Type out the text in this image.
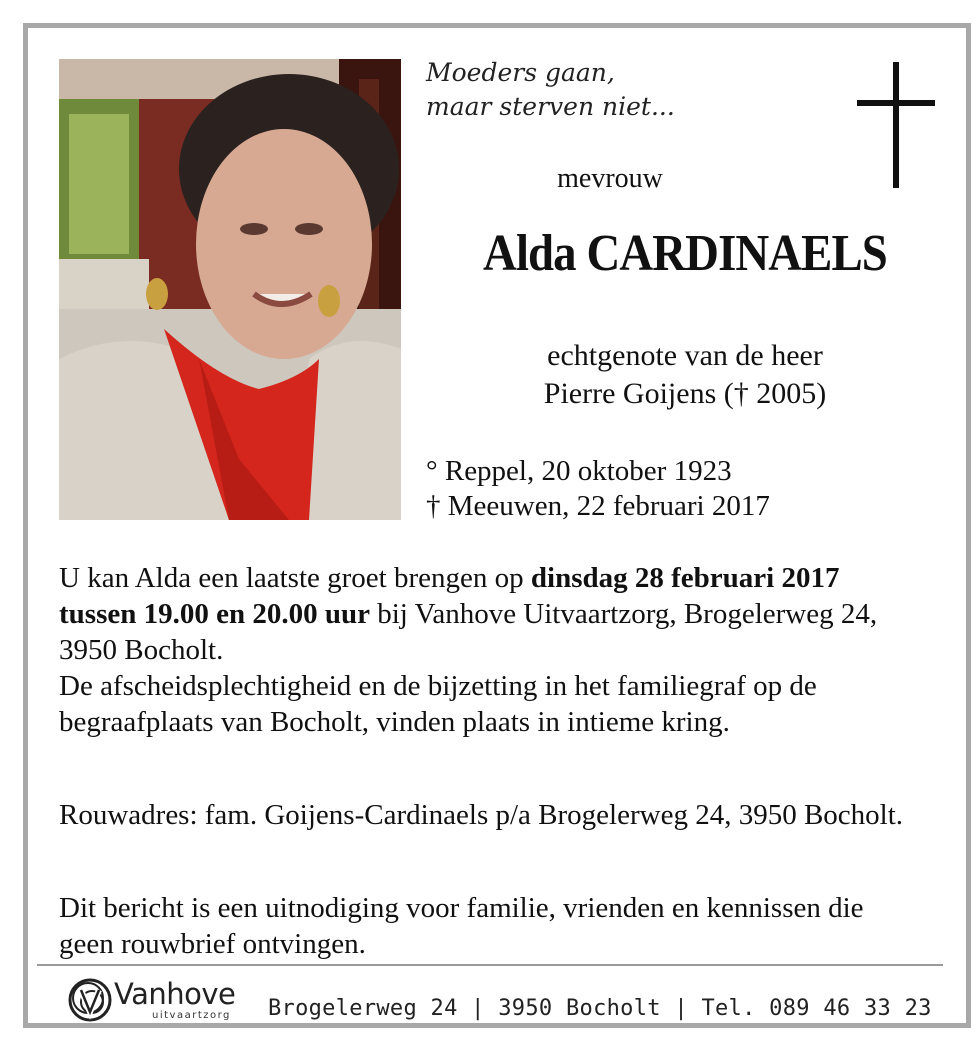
Moeders gaan,
maar sterven niet...
mevrouw
Alda CARDINAELS
echtgenote van de heer
Pierre Goijens († 2005)
° Reppel, 20 oktober 1923
† Meeuwen, 22 februari 2017
U kan Alda een laatste groet brengen op dinsdag 28 februari 2017 tussen 19.00 en 20.00 uur bij Vanhove Uitvaartzorg, Brogelerweg 24, 3950 Bocholt.
De afscheidsplechtigheid en de bijzetting in het familiegraf op de begraafplaats van Bocholt, vinden plaats in intieme kring.
Rouwadres: fam. Goijens-Cardinaels p/a Brogelerweg 24, 3950 Bocholt.
Dit bericht is een uitnodiging voor familie, vrienden en kennissen die geen rouwbrief ontvingen.
Vanhove
uitvaartzorg Brogelerweg 24 | 3950 Bocholt | Tel. 089 46 33 23
